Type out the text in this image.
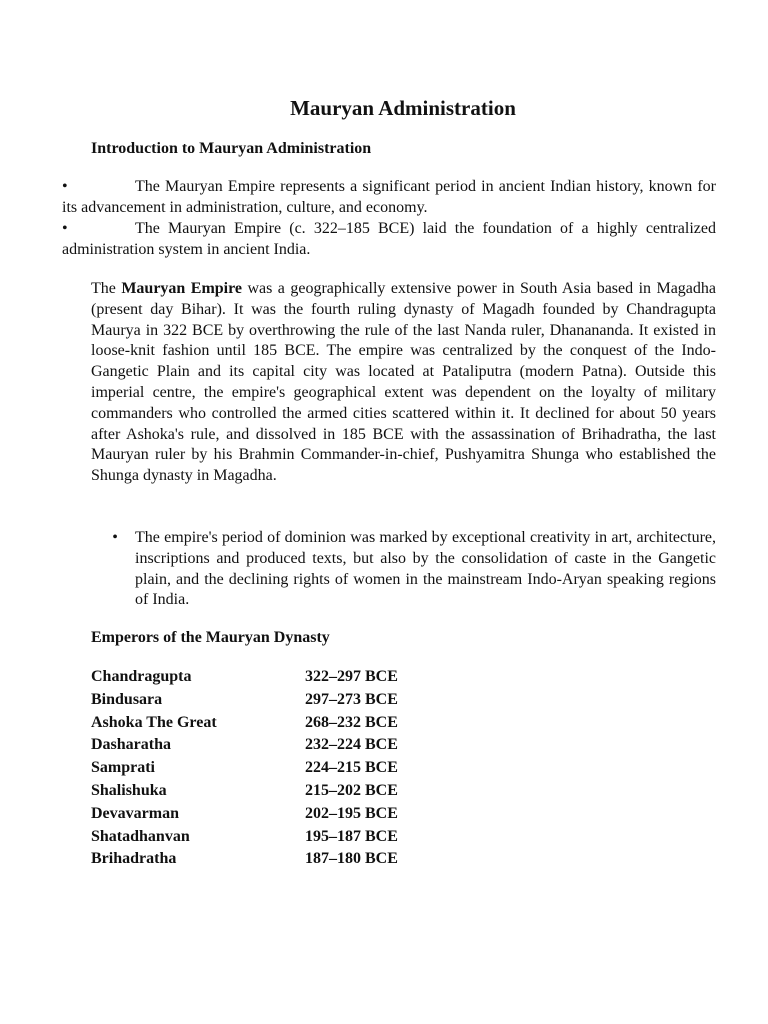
Mauryan Administration
Introduction to Mauryan Administration
•	The Mauryan Empire represents a significant period in ancient Indian history, known for its advancement in administration, culture, and economy.
•	The Mauryan Empire (c. 322–185 BCE) laid the foundation of a highly centralized administration system in ancient India.
The Mauryan Empire was a geographically extensive power in South Asia based in Magadha (present day Bihar). It was the fourth ruling dynasty of Magadh founded by Chandragupta Maurya in 322 BCE by overthrowing the rule of the last Nanda ruler, Dhanananda. It existed in loose-knit fashion until 185 BCE. The empire was centralized by the conquest of the Indo-Gangetic Plain and its capital city was located at Pataliputra (modern Patna). Outside this imperial centre, the empire's geographical extent was dependent on the loyalty of military commanders who controlled the armed cities scattered within it. It declined for about 50 years after Ashoka's rule, and dissolved in 185 BCE with the assassination of Brihadratha, the last Mauryan ruler by his Brahmin Commander-in-chief, Pushyamitra Shunga who established the Shunga dynasty in Magadha.
•	The empire's period of dominion was marked by exceptional creativity in art, architecture, inscriptions and produced texts, but also by the consolidation of caste in the Gangetic plain, and the declining rights of women in the mainstream Indo-Aryan speaking regions of India.
Emperors of the Mauryan Dynasty
Chandragupta	322–297 BCE
Bindusara	297–273 BCE
Ashoka The Great	268–232 BCE
Dasharatha	232–224 BCE
Samprati	224–215 BCE
Shalishuka	215–202 BCE
Devavarman	202–195 BCE
Shatadhanvan	195–187 BCE
Brihadratha	187–180 BCE
